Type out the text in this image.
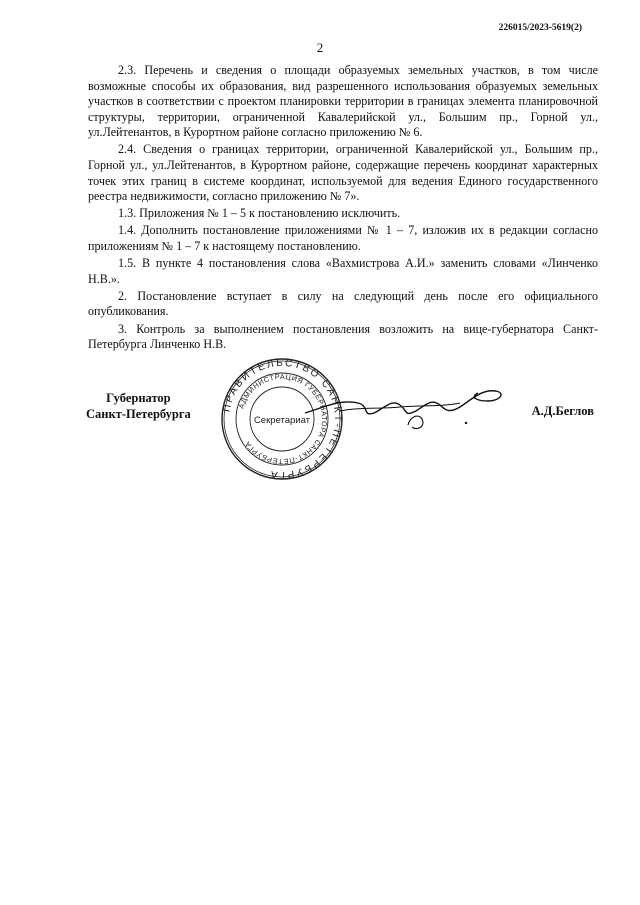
226015/2023-5619(2)
2

2.3. Перечень и сведения о площади образуемых земельных участков, в том числе возможные способы их образования, вид разрешенного использования образуемых земельных участков в соответствии с проектом планировки территории в границах элемента планировочной структуры, территории, ограниченной Кавалерийской ул., Большим пр., Горной ул., ул.Лейтенантов, в Курортном районе согласно приложению № 6.

2.4. Сведения о границах территории, ограниченной Кавалерийской ул., Большим пр., Горной ул., ул.Лейтенантов, в Курортном районе, содержащие перечень координат характерных точек этих границ в системе координат, используемой для ведения Единого государственного реестра недвижимости, согласно приложению № 7».

1.3. Приложения № 1 – 5 к постановлению исключить.

1.4. Дополнить постановление приложениями № 1 – 7, изложив их в редакции согласно приложениям № 1 – 7 к настоящему постановлению.

1.5. В пункте 4 постановления слова «Вахмистрова А.И.» заменить словами «Линченко Н.В.».

2. Постановление вступает в силу на следующий день после его официального опубликования.

3. Контроль за выполнением постановления возложить на вице-губернатора Санкт-Петербурга Линченко Н.В.

Губернатор
Санкт-Петербурга	ПРАВИТЕЛЬСТВО САНКТ-ПЕТЕРБУРГА
АДМИНИСТРАЦИЯ ГУБЕРНАТОРА САНКТ-ПЕТЕРБУРГА
Секретариат
А.Д.Беглов
